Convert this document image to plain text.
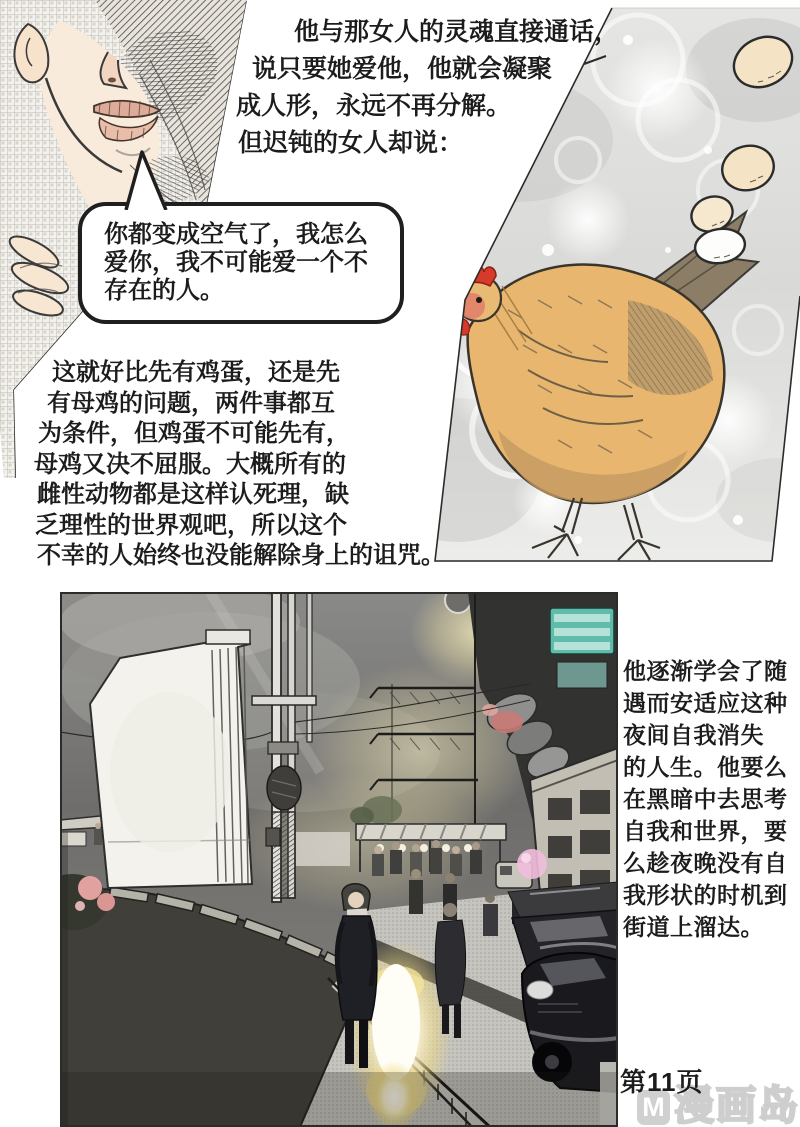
他与那女人的灵魂直接通话，
说只要她爱他，他就会凝聚
成人形，永远不再分解。
但迟钝的女人却说：
你都变成空气了，我怎么
爱你，我不可能爱一个不
存在的人。
这就好比先有鸡蛋，还是先
有母鸡的问题，两件事都互
为条件，但鸡蛋不可能先有，
母鸡又决不屈服。大概所有的
雌性动物都是这样认死理，缺
乏理性的世界观吧，所以这个
不幸的人始终也没能解除身上的诅咒。
他逐渐学会了随
遇而安适应这种
夜间自我消失
的人生。他要么
在黑暗中去思考
自我和世界，要
么趁夜晚没有自
我形状的时机到
街道上溜达。
M 漫画岛
第11页
